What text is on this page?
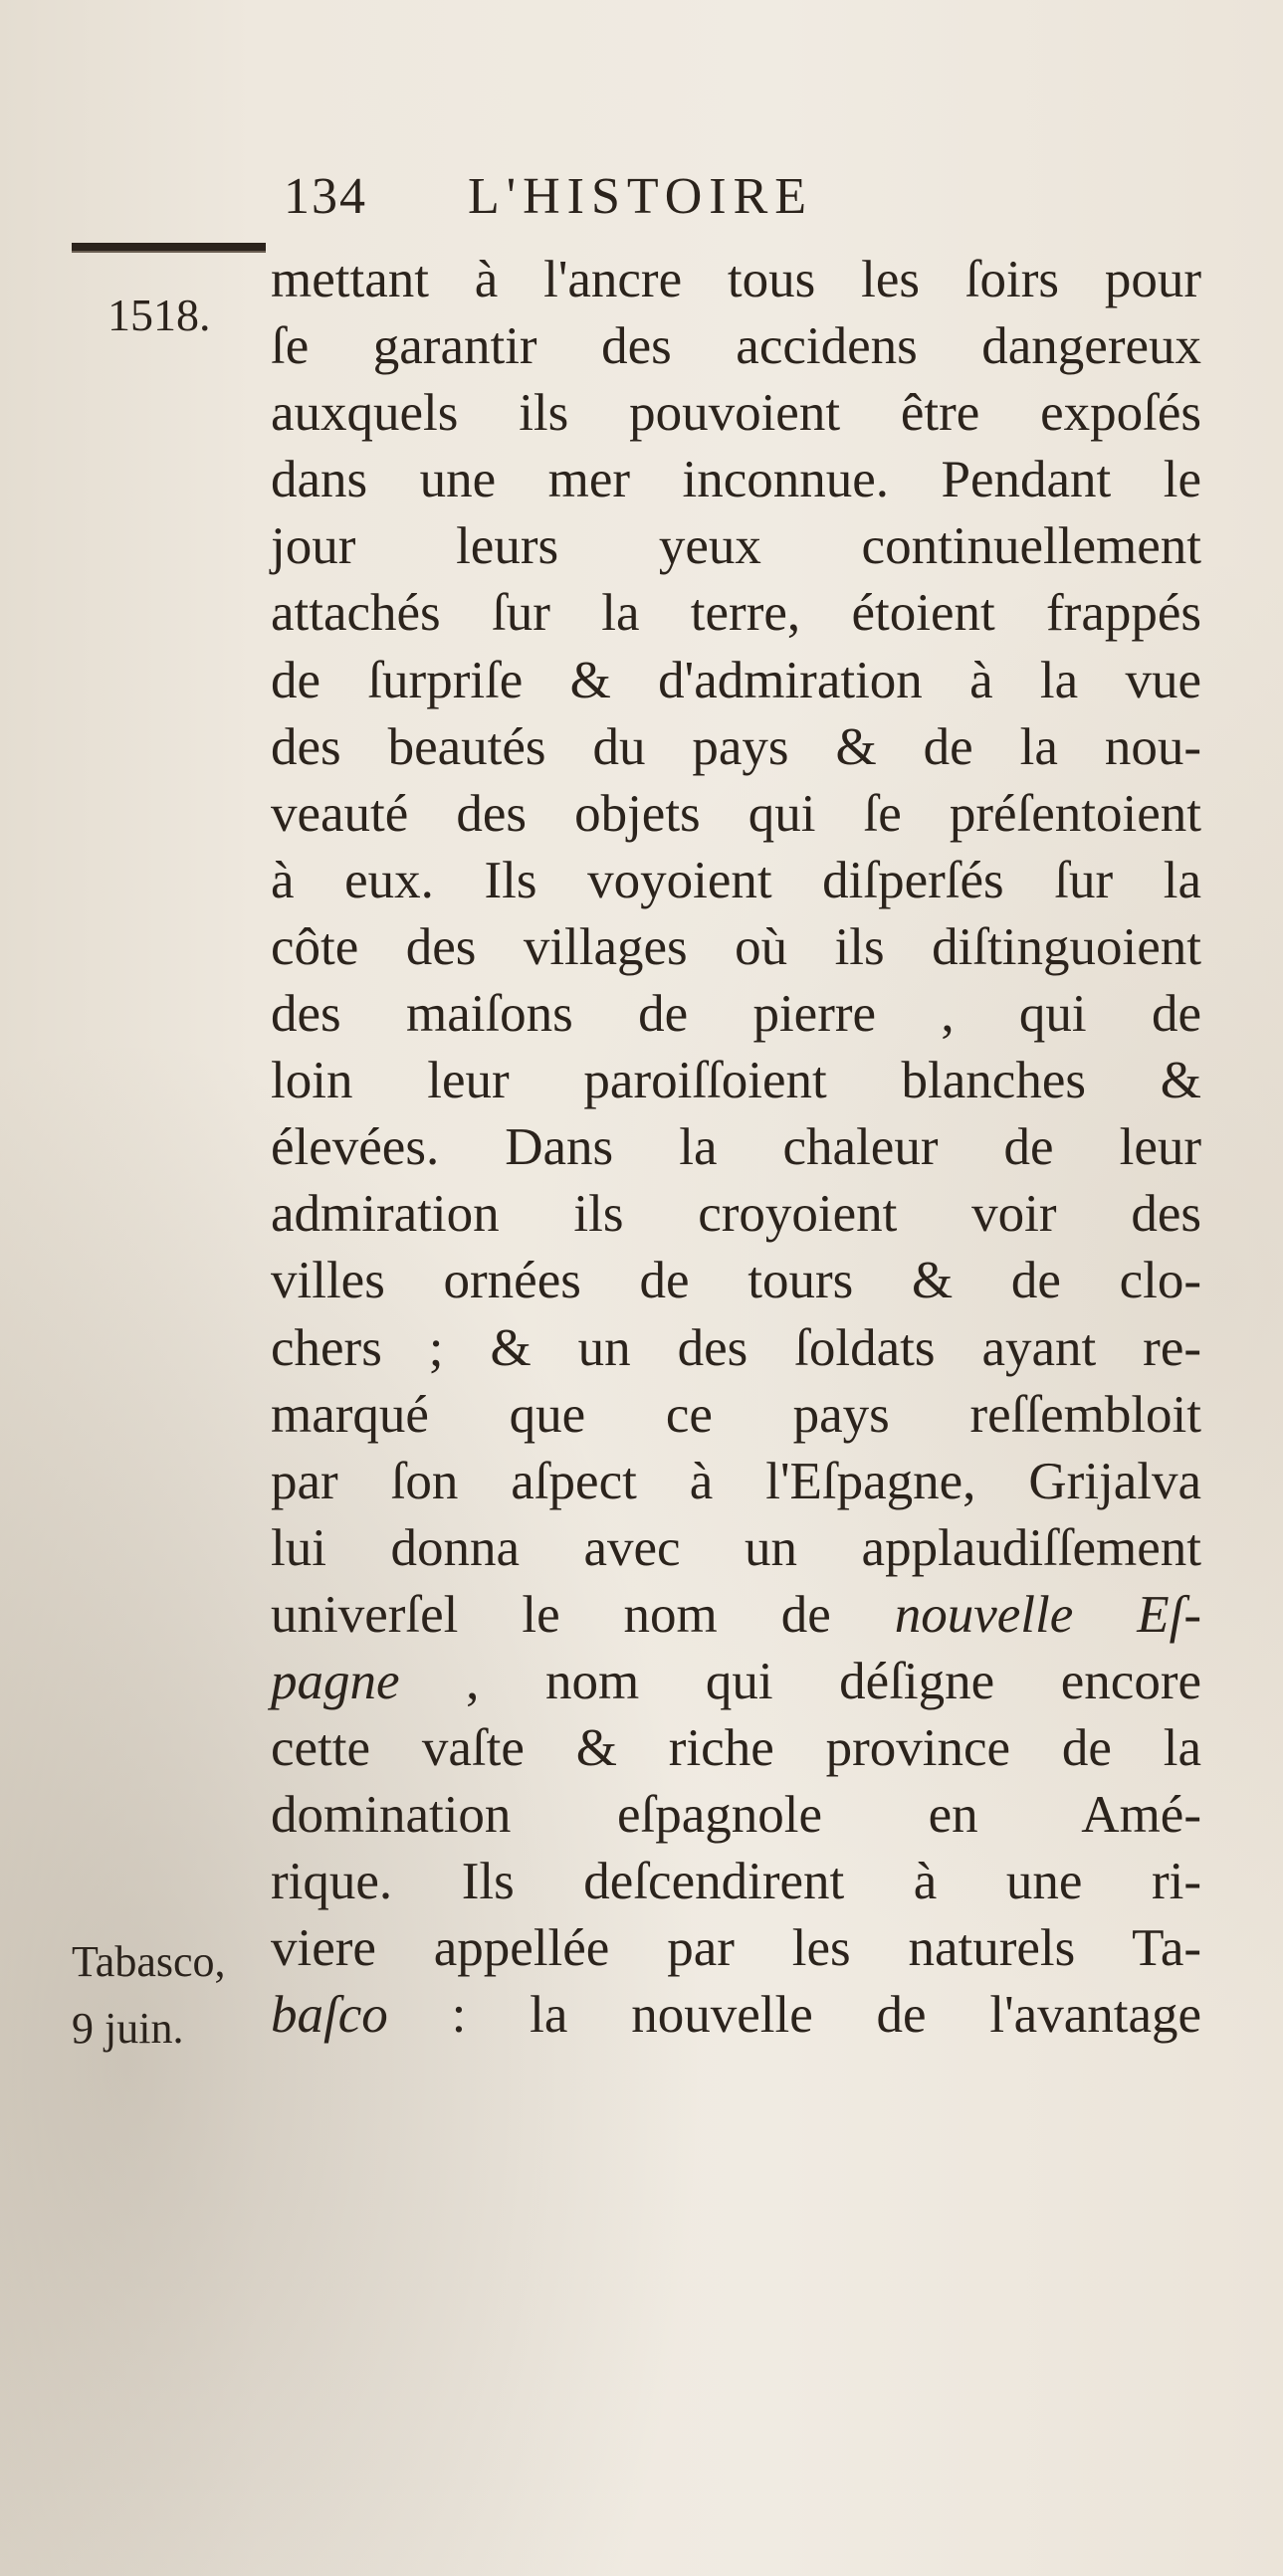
134 L'HISTOIRE
1518.
Tabasco,
9 juin.
mettant à l'ancre tous les ſoirs pour
ſe garantir des accidens dangereux
auxquels ils pouvoient être expoſés
dans une mer inconnue. Pendant le
jour leurs yeux continuellement
attachés ſur la terre, étoient frappés
de ſurpriſe & d'admiration à la vue
des beautés du pays & de la nou-
veauté des objets qui ſe préſentoient
à eux. Ils voyoient diſperſés ſur la
côte des villages où ils diſtinguoient
des maiſons de pierre , qui de
loin leur paroiſſoient blanches &
élevées. Dans la chaleur de leur
admiration ils croyoient voir des
villes ornées de tours & de clo-
chers ; & un des ſoldats ayant re-
marqué que ce pays reſſembloit
par ſon aſpect à l'Eſpagne, Grijalva
lui donna avec un applaudiſſement
univerſel le nom de nouvelle Eſ-
pagne , nom qui déſigne encore
cette vaſte & riche province de la
domination eſpagnole en Amé-
rique. Ils deſcendirent à une ri-
viere appellée par les naturels Ta-
baſco : la nouvelle de l'avantage
